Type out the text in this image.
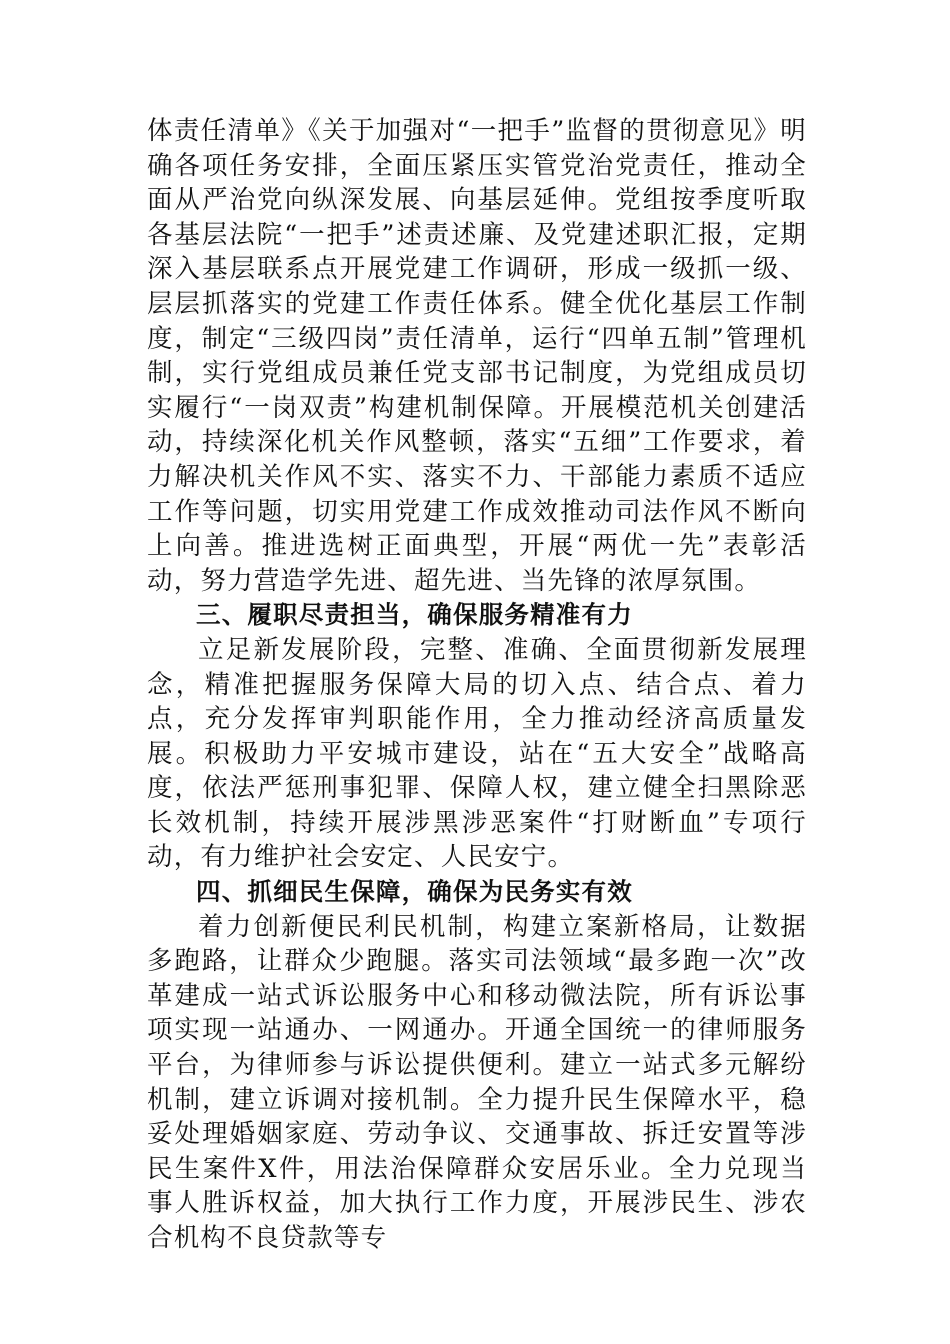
体责任清单》《关于加强对“一把手”监督的贯彻意见》明确各项任务安排，全面压紧压实管党治党责任，推动全面从严治党向纵深发展、向基层延伸。党组按季度听取各基层法院“一把手”述责述廉、及党建述职汇报，定期深入基层联系点开展党建工作调研，形成一级抓一级、层层抓落实的党建工作责任体系。健全优化基层工作制度，制定“三级四岗”责任清单，运行“四单五制”管理机制，实行党组成员兼任党支部书记制度，为党组成员切实履行“一岗双责”构建机制保障。开展模范机关创建活动，持续深化机关作风整顿，落实“五细”工作要求，着力解决机关作风不实、落实不力、干部能力素质不适应工作等问题，切实用党建工作成效推动司法作风不断向上向善。推进选树正面典型，开展“两优一先”表彰活动，努力营造学先进、超先进、当先锋的浓厚氛围。

三、履职尽责担当，确保服务精准有力

立足新发展阶段，完整、准确、全面贯彻新发展理念，精准把握服务保障大局的切入点、结合点、着力点，充分发挥审判职能作用，全力推动经济高质量发展。积极助力平安城市建设，站在“五大安全”战略高度，依法严惩刑事犯罪、保障人权，建立健全扫黑除恶长效机制，持续开展涉黑涉恶案件“打财断血”专项行动，有力维护社会安定、人民安宁。

四、抓细民生保障，确保为民务实有效

着力创新便民利民机制，构建立案新格局，让数据多跑路，让群众少跑腿。落实司法领域“最多跑一次”改革建成一站式诉讼服务中心和移动微法院，所有诉讼事项实现一站通办、一网通办。开通全国统一的律师服务平台，为律师参与诉讼提供便利。建立一站式多元解纷机制，建立诉调对接机制。全力提升民生保障水平，稳妥处理婚姻家庭、劳动争议、交通事故、拆迁安置等涉民生案件X件，用法治保障群众安居乐业。全力兑现当事人胜诉权益，加大执行工作力度，开展涉民生、涉农合机构不良贷款等专
